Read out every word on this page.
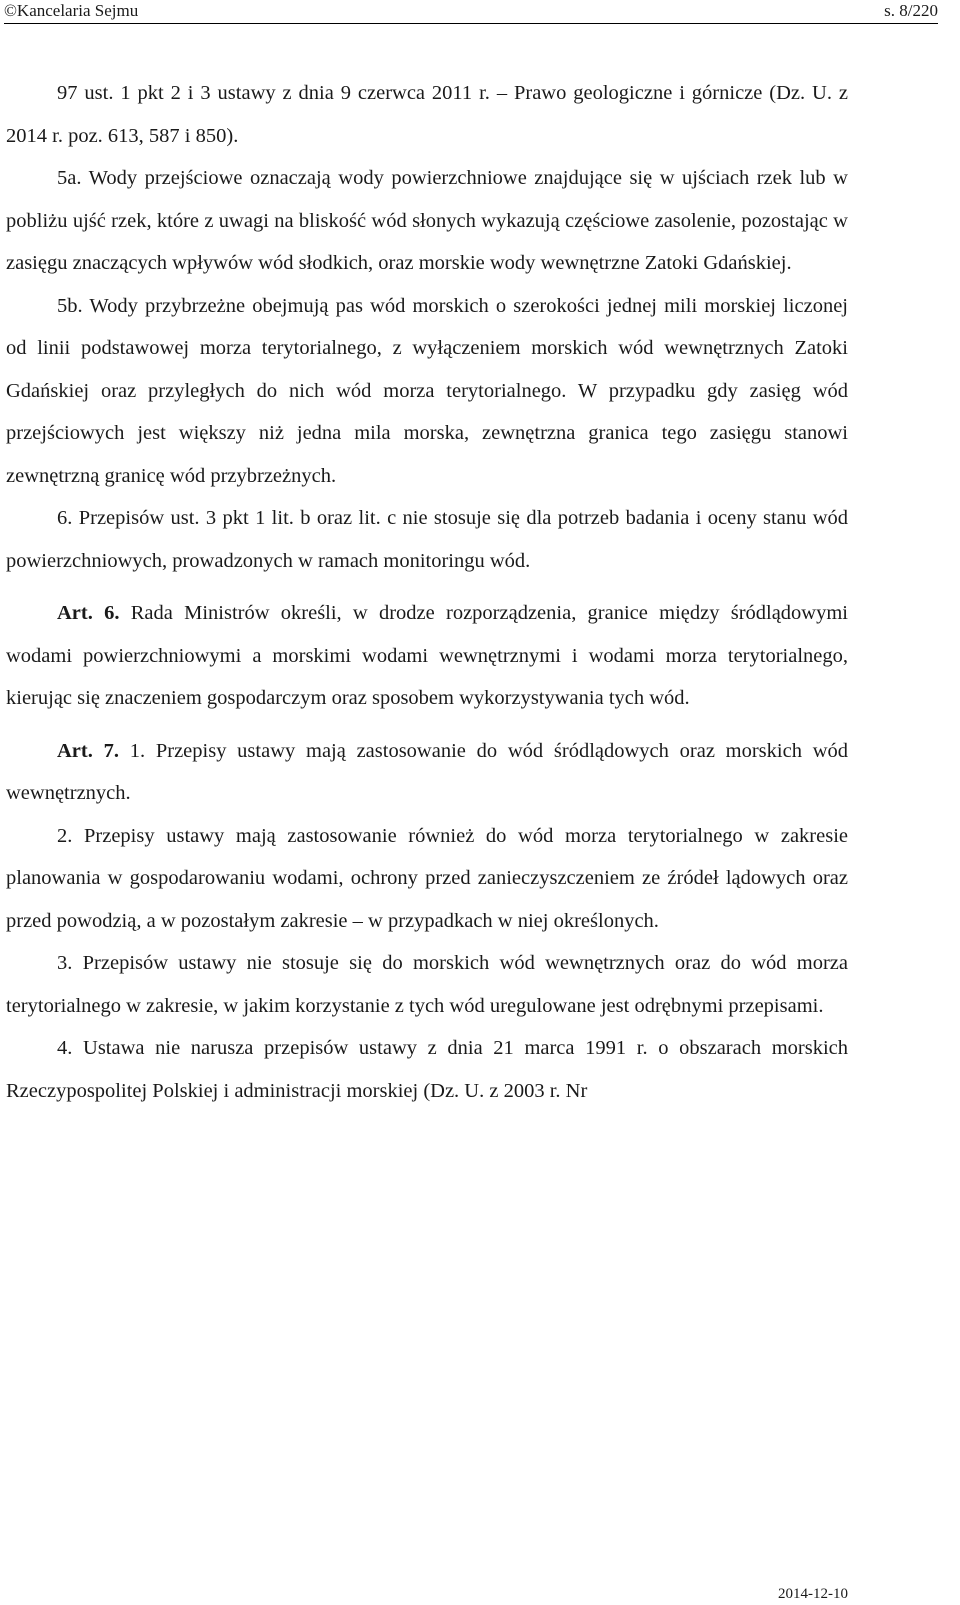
©Kancelaria Sejmu	s. 8/220

97 ust. 1 pkt 2 i 3 ustawy z dnia 9 czerwca 2011 r. – Prawo geologiczne i górnicze (Dz. U. z 2014 r. poz. 613, 587 i 850).

5a. Wody przejściowe oznaczają wody powierzchniowe znajdujące się w ujściach rzek lub w pobliżu ujść rzek, które z uwagi na bliskość wód słonych wykazują częściowe zasolenie, pozostając w zasięgu znaczących wpływów wód słodkich, oraz morskie wody wewnętrzne Zatoki Gdańskiej.

5b. Wody przybrzeżne obejmują pas wód morskich o szerokości jednej mili morskiej liczonej od linii podstawowej morza terytorialnego, z wyłączeniem morskich wód wewnętrznych Zatoki Gdańskiej oraz przyległych do nich wód morza terytorialnego. W przypadku gdy zasięg wód przejściowych jest większy niż jedna mila morska, zewnętrzna granica tego zasięgu stanowi zewnętrzną granicę wód przybrzeżnych.

6. Przepisów ust. 3 pkt 1 lit. b oraz lit. c nie stosuje się dla potrzeb badania i oceny stanu wód powierzchniowych, prowadzonych w ramach monitoringu wód.

Art. 6. Rada Ministrów określi, w drodze rozporządzenia, granice między śródlądowymi wodami powierzchniowymi a morskimi wodami wewnętrznymi i wodami morza terytorialnego, kierując się znaczeniem gospodarczym oraz sposobem wykorzystywania tych wód.

Art. 7. 1. Przepisy ustawy mają zastosowanie do wód śródlądowych oraz morskich wód wewnętrznych.

2. Przepisy ustawy mają zastosowanie również do wód morza terytorialnego w zakresie planowania w gospodarowaniu wodami, ochrony przed zanieczyszczeniem ze źródeł lądowych oraz przed powodzią, a w pozostałym zakresie – w przypadkach w niej określonych.

3. Przepisów ustawy nie stosuje się do morskich wód wewnętrznych oraz do wód morza terytorialnego w zakresie, w jakim korzystanie z tych wód uregulowane jest odrębnymi przepisami.

4. Ustawa nie narusza przepisów ustawy z dnia 21 marca 1991 r. o obszarach morskich Rzeczypospolitej Polskiej i administracji morskiej (Dz. U. z 2003 r. Nr

2014-12-10
